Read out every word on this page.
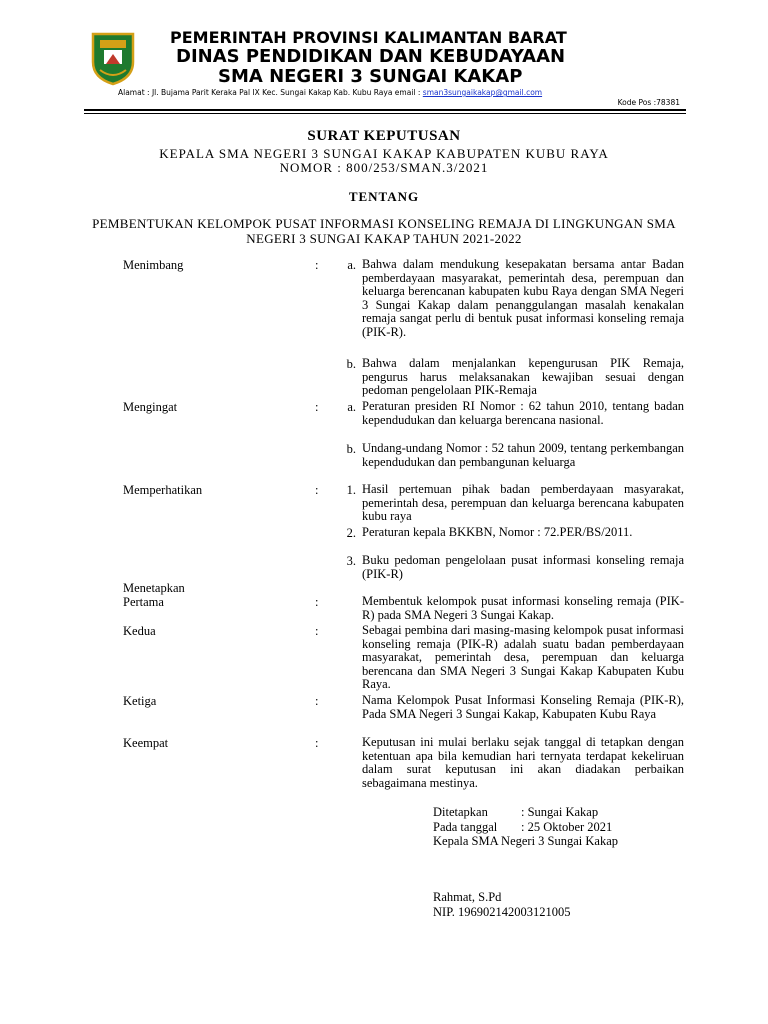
PEMERINTAH PROVINSI KALIMANTAN BARAT
DINAS PENDIDIKAN DAN KEBUDAYAAN
SMA NEGERI 3 SUNGAI KAKAP
Alamat : Jl. Bujama Parit Keraka Pal IX Kec. Sungai Kakap Kab. Kubu Raya email : sman3sungaikakap@gmail.com
Kode Pos :78381
SURAT KEPUTUSAN
KEPALA SMA NEGERI 3 SUNGAI KAKAP KABUPATEN KUBU RAYA
NOMOR : 800/253/SMAN.3/2021
TENTANG
PEMBENTUKAN KELOMPOK PUSAT INFORMASI KONSELING REMAJA DI LINGKUNGAN SMA
NEGERI 3 SUNGAI KAKAP TAHUN 2021-2022
Menimbang	:	a. Bahwa dalam mendukung kesepakatan bersama antar Badan pemberdayaan masyarakat, pemerintah desa, perempuan dan keluarga berencanan kabupaten kubu Raya dengan SMA Negeri 3 Sungai Kakap dalam penanggulangan masalah kenakalan remaja sangat perlu di bentuk pusat informasi konseling remaja (PIK-R).
b. Bahwa dalam menjalankan kepengurusan PIK Remaja, pengurus harus melaksanakan kewajiban sesuai dengan pedoman pengelolaan PIK-Remaja
Mengingat	:	a. Peraturan presiden RI Nomor : 62 tahun 2010, tentang badan kependudukan dan keluarga berencana nasional.
b. Undang-undang Nomor : 52 tahun 2009, tentang perkembangan kependudukan dan pembangunan keluarga
Memperhatikan	:	1. Hasil pertemuan pihak badan pemberdayaan masyarakat, pemerintah desa, perempuan dan keluarga berencana kabupaten kubu raya
2. Peraturan kepala BKKBN, Nomor : 72.PER/BS/2011.
3. Buku pedoman pengelolaan pusat informasi konseling remaja (PIK-R)
Menetapkan
Pertama	:	Membentuk kelompok pusat informasi konseling remaja (PIK-R) pada SMA Negeri 3 Sungai Kakap.
Kedua	:	Sebagai pembina dari masing-masing kelompok pusat informasi konseling remaja (PIK-R) adalah suatu badan pemberdayaan masyarakat, pemerintah desa, perempuan dan keluarga berencana dan SMA Negeri 3 Sungai Kakap Kabupaten Kubu Raya.
Ketiga	:	Nama Kelompok Pusat Informasi Konseling Remaja (PIK-R), Pada SMA Negeri 3 Sungai Kakap, Kabupaten Kubu Raya
Keempat	:	Keputusan ini mulai berlaku sejak tanggal di tetapkan dengan ketentuan apa bila kemudian hari ternyata terdapat kekeliruan dalam surat keputusan ini akan diadakan perbaikan sebagaimana mestinya.
Ditetapkan	: Sungai Kakap
Pada tanggal : 25 Oktober 2021
Kepala SMA Negeri 3 Sungai Kakap
Rahmat, S.Pd
NIP. 196902142003121005
